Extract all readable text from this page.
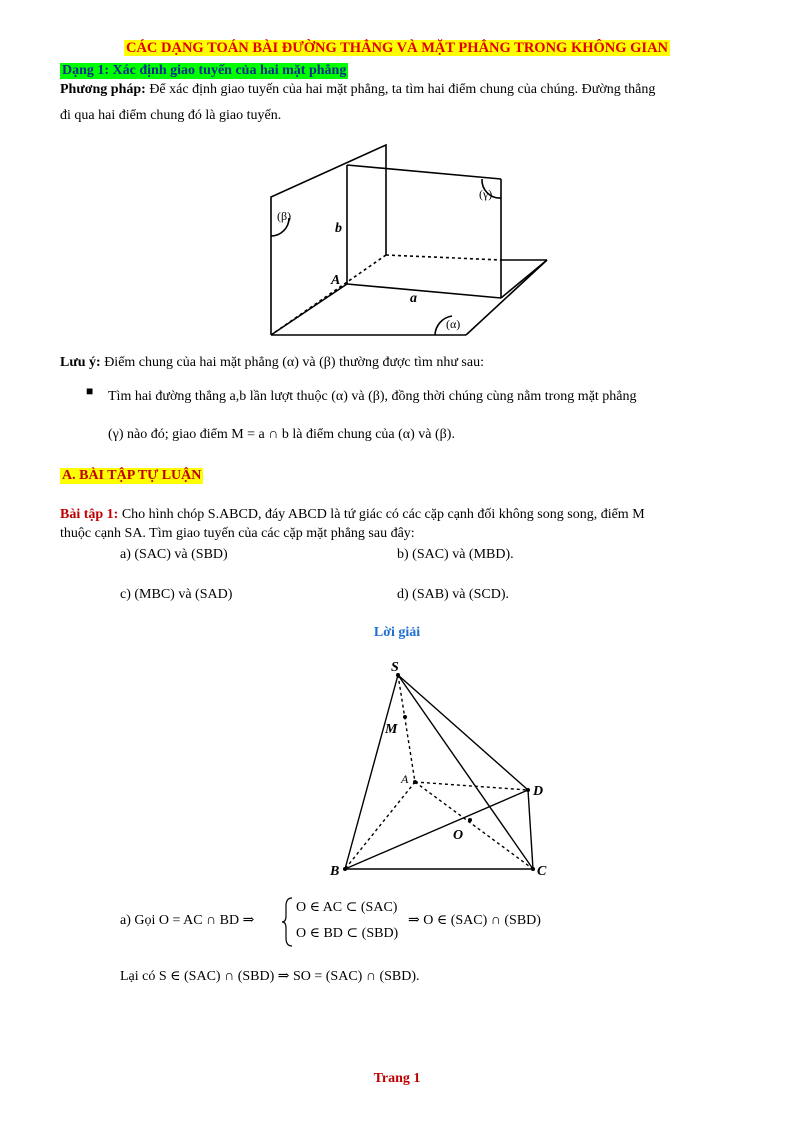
CÁC DẠNG TOÁN BÀI ĐƯỜNG THẲNG VÀ MẶT PHẲNG TRONG KHÔNG GIAN
Dạng 1: Xác định giao tuyến của hai mặt phẳng
Phương pháp: Để xác định giao tuyến của hai mặt phẳng, ta tìm hai điểm chung của chúng. Đường thẳng
đi qua hai điểm chung đó là giao tuyến.
(β)
(γ)
(α)
b
A
a
Lưu ý: Điểm chung của hai mặt phẳng (α) và (β) thường được tìm như sau:
■ Tìm hai đường thẳng a,b lần lượt thuộc (α) và (β), đồng thời chúng cùng nằm trong mặt phẳng
(γ) nào đó; giao điểm M = a ∩ b là điểm chung của (α) và (β).
A. BÀI TẬP TỰ LUẬN
Bài tập 1: Cho hình chóp S.ABCD, đáy ABCD là tứ giác có các cặp cạnh đối không song song, điểm M
thuộc cạnh SA. Tìm giao tuyến của các cặp mặt phẳng sau đây:
a) (SAC) và (SBD)	b) (SAC) và (MBD).
c) (MBC) và (SAD)	d) (SAB) và (SCD).
Lời giải
S
M
A
D
O
B	C
a) Gọi O = AC ∩ BD ⇒
O ∈ AC ⊂ (SAC)
O ∈ BD ⊂ (SBD)
⇒ O ∈ (SAC) ∩ (SBD)
Lại có S ∈ (SAC) ∩ (SBD) ⇒ SO = (SAC) ∩ (SBD).
Trang 1
